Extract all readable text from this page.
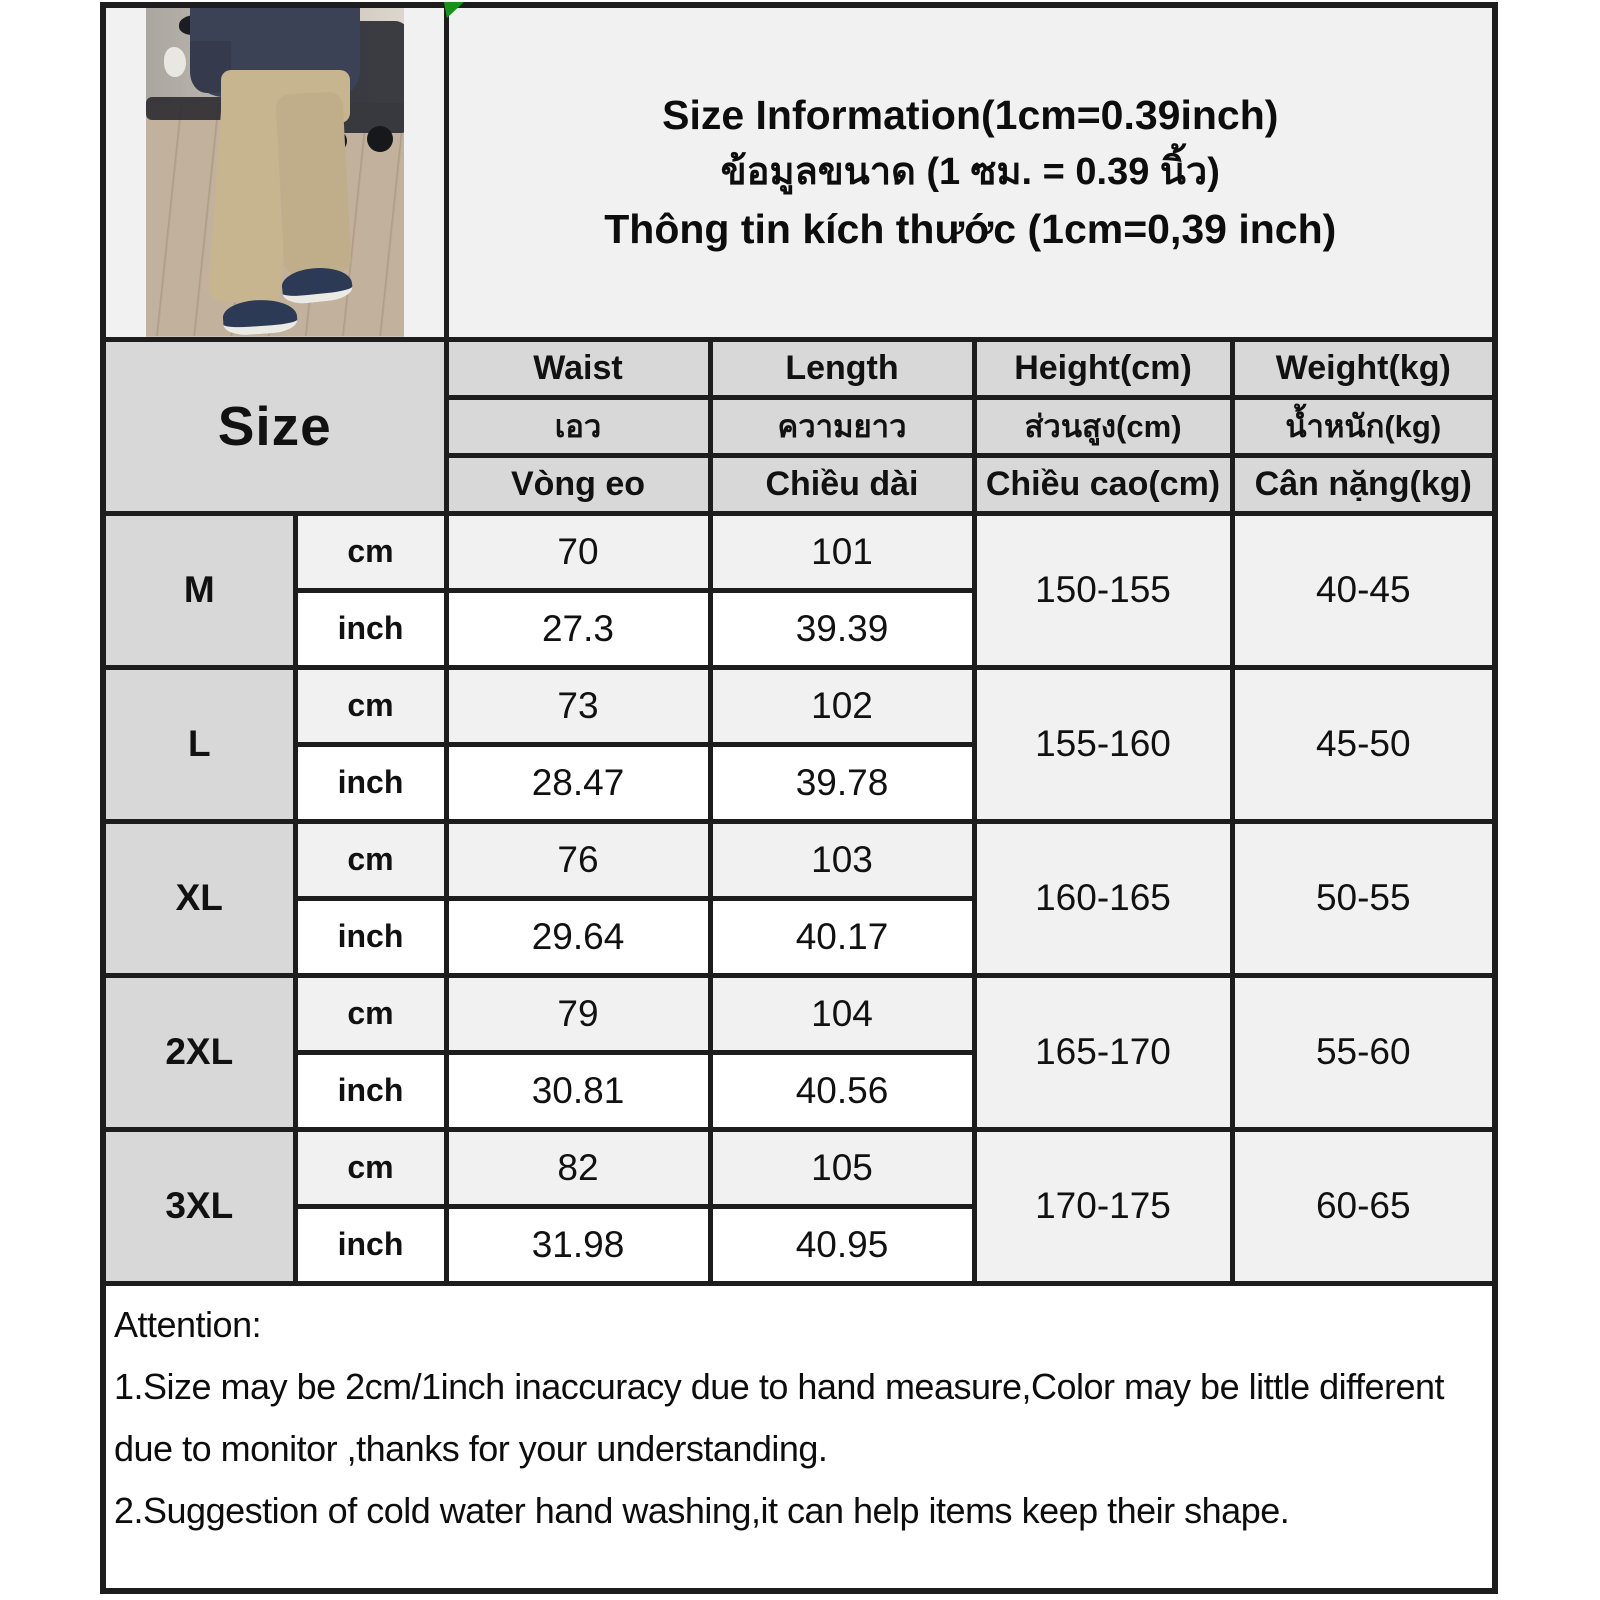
		Size Information(1cm=0.39inch)
ข้อมูลขนาด (1 ซม. = 0.39 นิ้ว)
Thông tin kích thước (1cm=0,39 inch)			

Size		Waist	Length	Height(cm)	Weight(kg)
		เอว	ความยาว	ส่วนสูง(cm)	น้ำหนัก(kg)
		Vòng eo	Chiều dài	Chiều cao(cm)	Cân nặng(kg)
M	cm	70	101	150-155	40-45
	inch	27.3	39.39		
L	cm	73	102	155-160	45-50
	inch	28.47	39.78		
XL	cm	76	103	160-165	50-55
	inch	29.64	40.17		
2XL	cm	79	104	165-170	55-60
	inch	30.81	40.56		
3XL	cm	82	105	170-175	60-65
	inch	31.98	40.95		

Attention:
1.Size may be 2cm/1inch inaccuracy due to hand measure,Color may be little different due to monitor ,thanks for your understanding.
2.Suggestion of cold water hand washing,it can help items keep their shape.					
